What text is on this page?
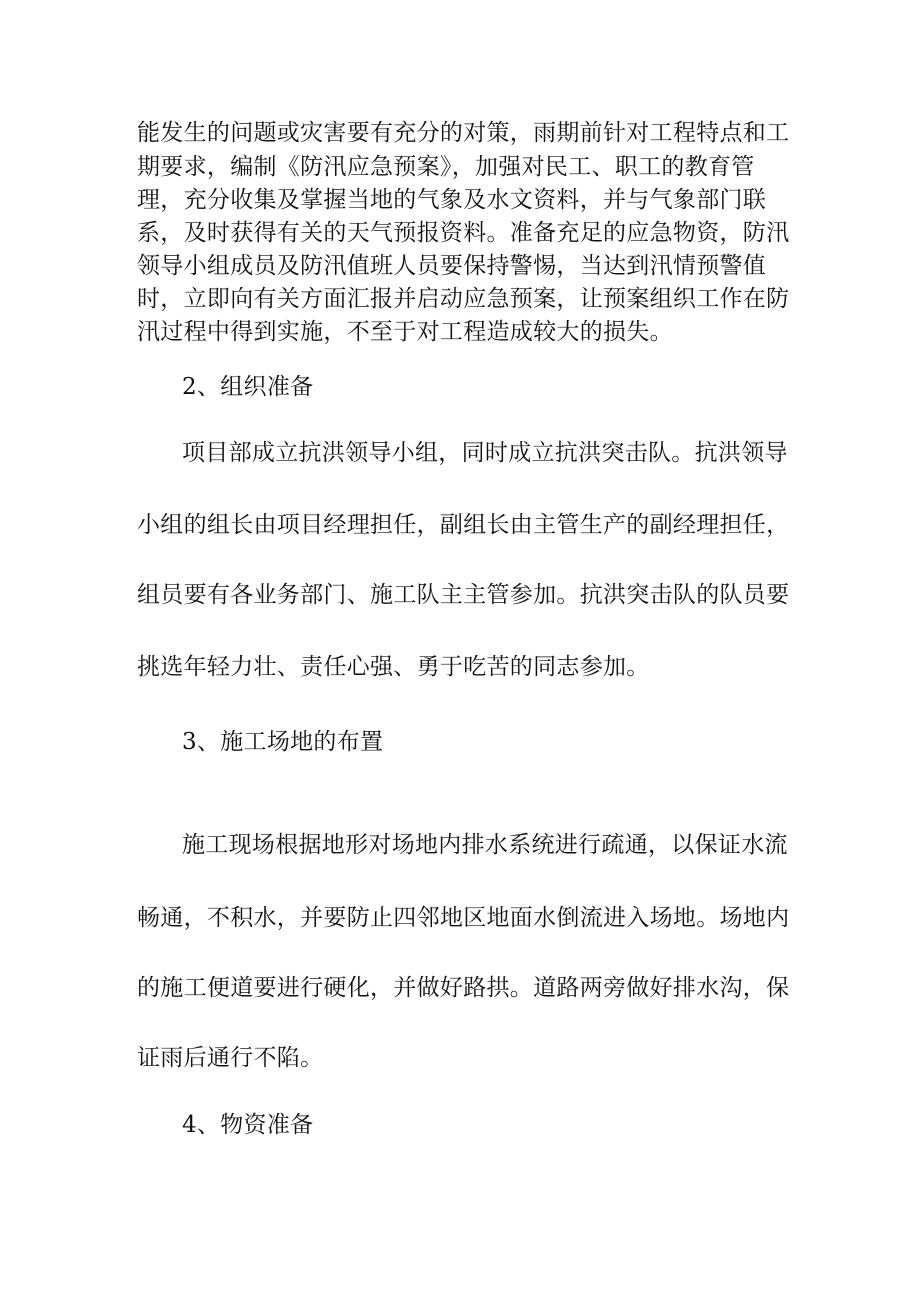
能发生的问题或灾害要有充分的对策，雨期前针对工程特点和工
期要求，编制《防汛应急预案》，加强对民工、职工的教育管
理，充分收集及掌握当地的气象及水文资料，并与气象部门联
系，及时获得有关的天气预报资料。准备充足的应急物资，防汛
领导小组成员及防汛值班人员要保持警惕，当达到汛情预警值
时，立即向有关方面汇报并启动应急预案，让预案组织工作在防
汛过程中得到实施，不至于对工程造成较大的损失。
2、组织准备
项目部成立抗洪领导小组，同时成立抗洪突击队。抗洪领导
小组的组长由项目经理担任，副组长由主管生产的副经理担任，
组员要有各业务部门、施工队主主管参加。抗洪突击队的队员要
挑选年轻力壮、责任心强、勇于吃苦的同志参加。
3、施工场地的布置
施工现场根据地形对场地内排水系统进行疏通，以保证水流
畅通，不积水，并要防止四邻地区地面水倒流进入场地。场地内
的施工便道要进行硬化，并做好路拱。道路两旁做好排水沟，保
证雨后通行不陷。
4、物资准备
